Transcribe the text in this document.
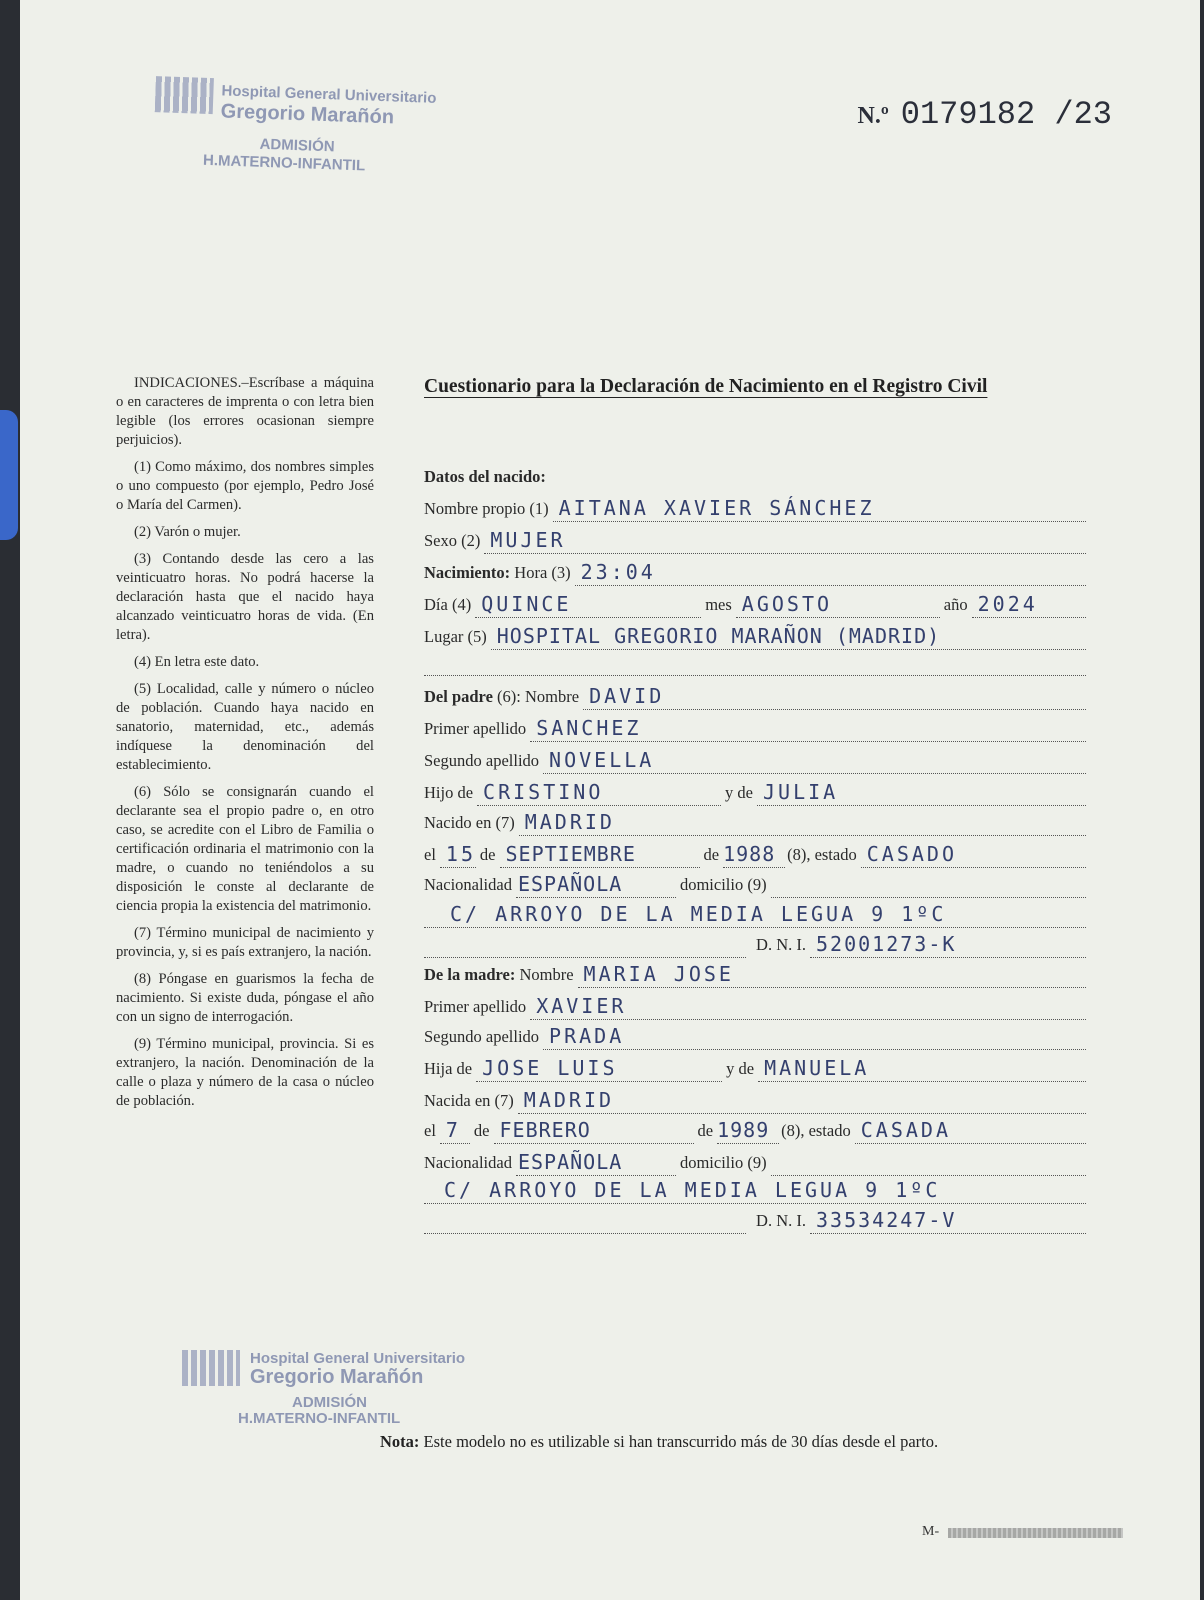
Hospital General Universitario
Gregorio Marañón
ADMISIÓN
H.MATERNO-INFANTIL
N.º 0179182 /23

INDICACIONES.–Escríbase a máquina o en caracteres de imprenta o con letra bien legible (los errores ocasionan siempre perjuicios).

(1) Como máximo, dos nombres simples o uno compuesto (por ejemplo, Pedro José o María del Carmen).

(2) Varón o mujer.

(3) Contando desde las cero a las veinticuatro horas. No podrá hacerse la declaración hasta que el nacido haya alcanzado veinticuatro horas de vida. (En letra).

(4) En letra este dato.

(5) Localidad, calle y número o núcleo de población. Cuando haya nacido en sanatorio, maternidad, etc., además indíquese la denominación del establecimiento.

(6) Sólo se consignarán cuando el declarante sea el propio padre o, en otro caso, se acredite con el Libro de Familia o certificación ordinaria el matrimonio con la madre, o cuando no teniéndolos a su disposición le conste al declarante de ciencia propia la existencia del matrimonio.

(7) Término municipal de nacimiento y provincia, y, si es país extranjero, la nación.

(8) Póngase en guarismos la fecha de nacimiento. Si existe duda, póngase el año con un signo de interrogación.

(9) Término municipal, provincia. Si es extranjero, la nación. Denominación de la calle o plaza y número de la casa o núcleo de población.

Cuestionario para la Declaración de Nacimiento en el Registro Civil
Datos del nacido:
Nombre propio (1) AITANA XAVIER SÁNCHEZ
Sexo (2) MUJER
Nacimiento: Hora (3) 23:04
Día (4) QUINCE	mes AGOSTO	año 2024
Lugar (5) HOSPITAL GREGORIO MARAÑON (MADRID)
Del padre (6): Nombre DAVID
Primer apellido SANCHEZ
Segundo apellido NOVELLA
Hijo de CRISTINO	y de JULIA
Nacido en (7) MADRID
el 15 de SEPTIEMBRE	de 1988 (8), estado CASADO
Nacionalidad ESPAÑOLA	domicilio (9)
C/ ARROYO DE LA MEDIA LEGUA 9 1ºC
D. N. I. 52001273-K
De la madre: Nombre MARIA JOSE
Primer apellido XAVIER
Segundo apellido PRADA
Hija de JOSE LUIS	y de MANUELA
Nacida en (7) MADRID
el 7 de FEBRERO	de 1989 (8), estado CASADA
Nacionalidad ESPAÑOLA	domicilio (9)
C/ ARROYO DE LA MEDIA LEGUA 9 1ºC
D. N. I. 33534247-V
Hospital General Universitario
Gregorio Marañón
ADMISIÓN
H.MATERNO-INFANTIL
Nota: Este modelo no es utilizable si han transcurrido más de 30 días desde el parto.
M-
